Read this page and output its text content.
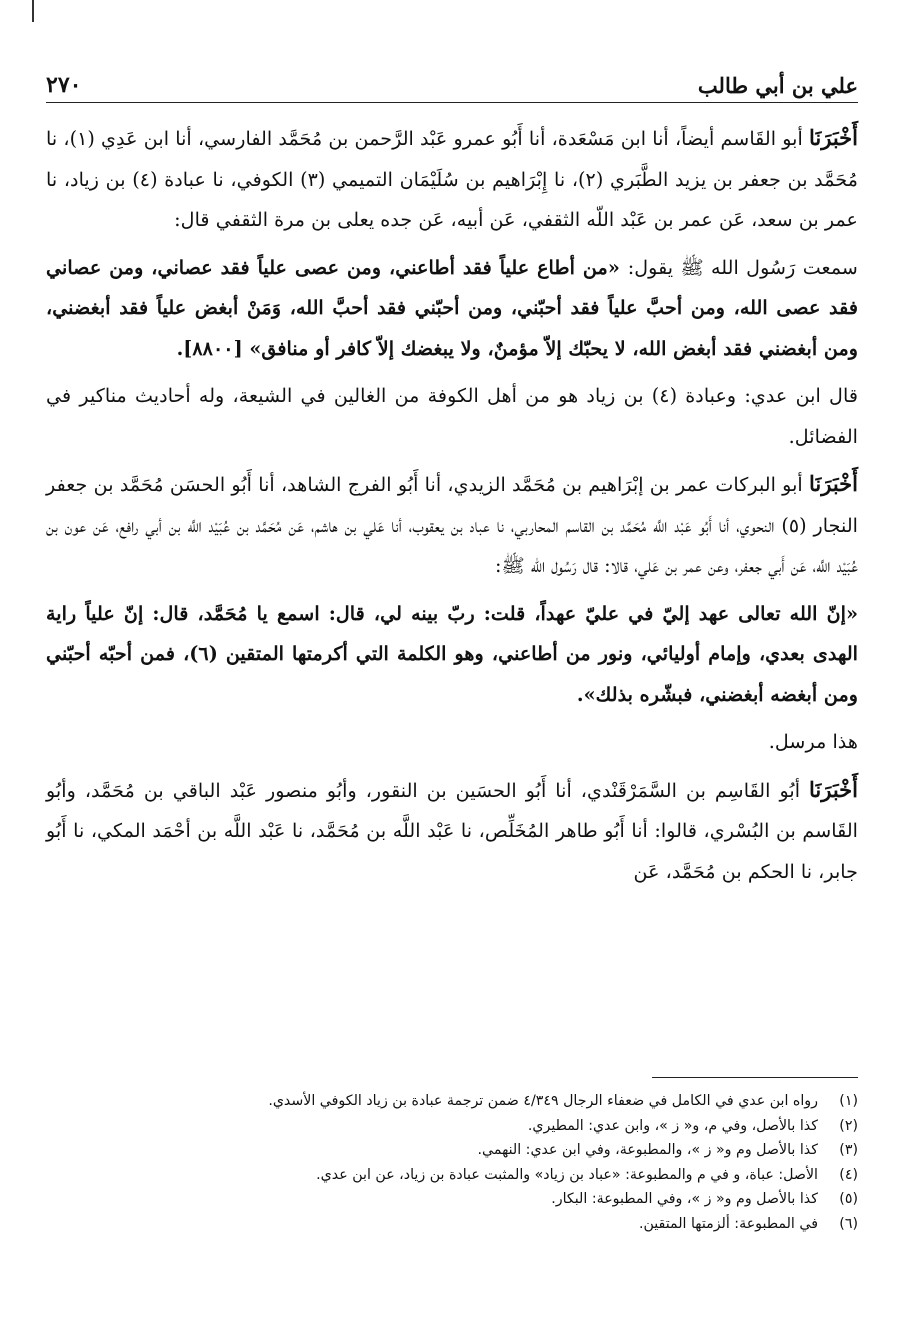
علي بن أبي طالب
٢٧٠

أَخْبَرَنَا أبو القَاسم أيضاً، أنا ابن مَسْعَدة، أنا أَبُو عمرو عَبْد الرَّحمن بن مُحَمَّد الفارسي، أنا ابن عَدِي (١)، نا مُحَمَّد بن جعفر بن يزيد الطَّبَري (٢)، نا إِبْرَاهيم بن سُلَيْمَان التميمي (٣) الكوفي، نا عبادة (٤) بن زياد، نا عمر بن سعد، عَن عمر بن عَبْد اللّه الثقفي، عَن أبيه، عَن جده يعلى بن مرة الثقفي قال:

سمعت رَسُول الله ﷺ يقول: «من أطاع علياً فقد أطاعني، ومن عصى علياً فقد عصاني، ومن عصاني فقد عصى الله، ومن أحبَّ علياً فقد أحبّني، ومن أحبّني فقد أحبَّ الله، وَمَنْ أبغض علياً فقد أبغضني، ومن أبغضني فقد أبغض الله، لا يحبّك إلاّ مؤمنٌ، ولا يبغضك إلاّ كافر أو منافق» [٨٨٠٠].

قال ابن عدي: وعبادة (٤) بن زياد هو من أهل الكوفة من الغالين في الشيعة، وله أحاديث مناكير في الفضائل.

أَخْبَرَنَا أبو البركات عمر بن إبْرَاهيم بن مُحَمَّد الزيدي، أنا أَبُو الفرج الشاهد، أنا أَبُو الحسَن مُحَمَّد بن جعفر النجار (٥) النحوي، أنا أَبُو عَبْد اللَّه مُحَمَّد بن القاسم المحاربي، نا عباد بن يعقوب، أنا عَلي بن هاشم، عَن مُحَمَّد بن عُبَيْد اللَّه بن أبي رافع، عَن عون بن عُبَيْد اللَّه، عَن أَبي جعفر، وعن عمر بن عَلي، قالا: قال رَسُول الله ﷺ:

«إنّ الله تعالى عهد إليّ في عليّ عهداً، قلت: ربّ بينه لي، قال: اسمع يا مُحَمَّد، قال: إنّ علياً راية الهدى بعدي، وإمام أوليائي، ونور من أطاعني، وهو الكلمة التي أكرمتها المتقين (٦)، فمن أحبّه أحبّني ومن أبغضه أبغضني، فبشّره بذلك».

هذا مرسل.

أَخْبَرَنَا أبُو القَاسِم بن السَّمَرْقَنْدي، أنا أَبُو الحسَين بن النقور، وأبُو منصور عَبْد الباقي بن مُحَمَّد، وأبُو القَاسم بن البُسْري، قالوا: أنا أَبُو طاهر المُخَلِّص، نا عَبْد اللَّه بن مُحَمَّد، نا عَبْد اللَّه بن أحْمَد المكي، نا أَبُو جابر، نا الحكم بن مُحَمَّد، عَن

(١)
رواه ابن عدي في الكامل في ضعفاء الرجال ٤/٣٤٩ ضمن ترجمة عبادة بن زياد الكوفي الأسدي.
(٢)
كذا بالأصل، وفي م، و« ز »، وابن عدي: المطيري.
(٣)
كذا بالأصل وم و« ز »، والمطبوعة، وفي ابن عدي: النهمي.
(٤)
الأصل: عباة، و في م والمطبوعة: «عباد بن زياد» والمثبت عبادة بن زياد، عن ابن عدي.
(٥)
كذا بالأصل وم و« ز »، وفي المطبوعة: البكار.
(٦)
في المطبوعة: ألزمتها المتقين.
